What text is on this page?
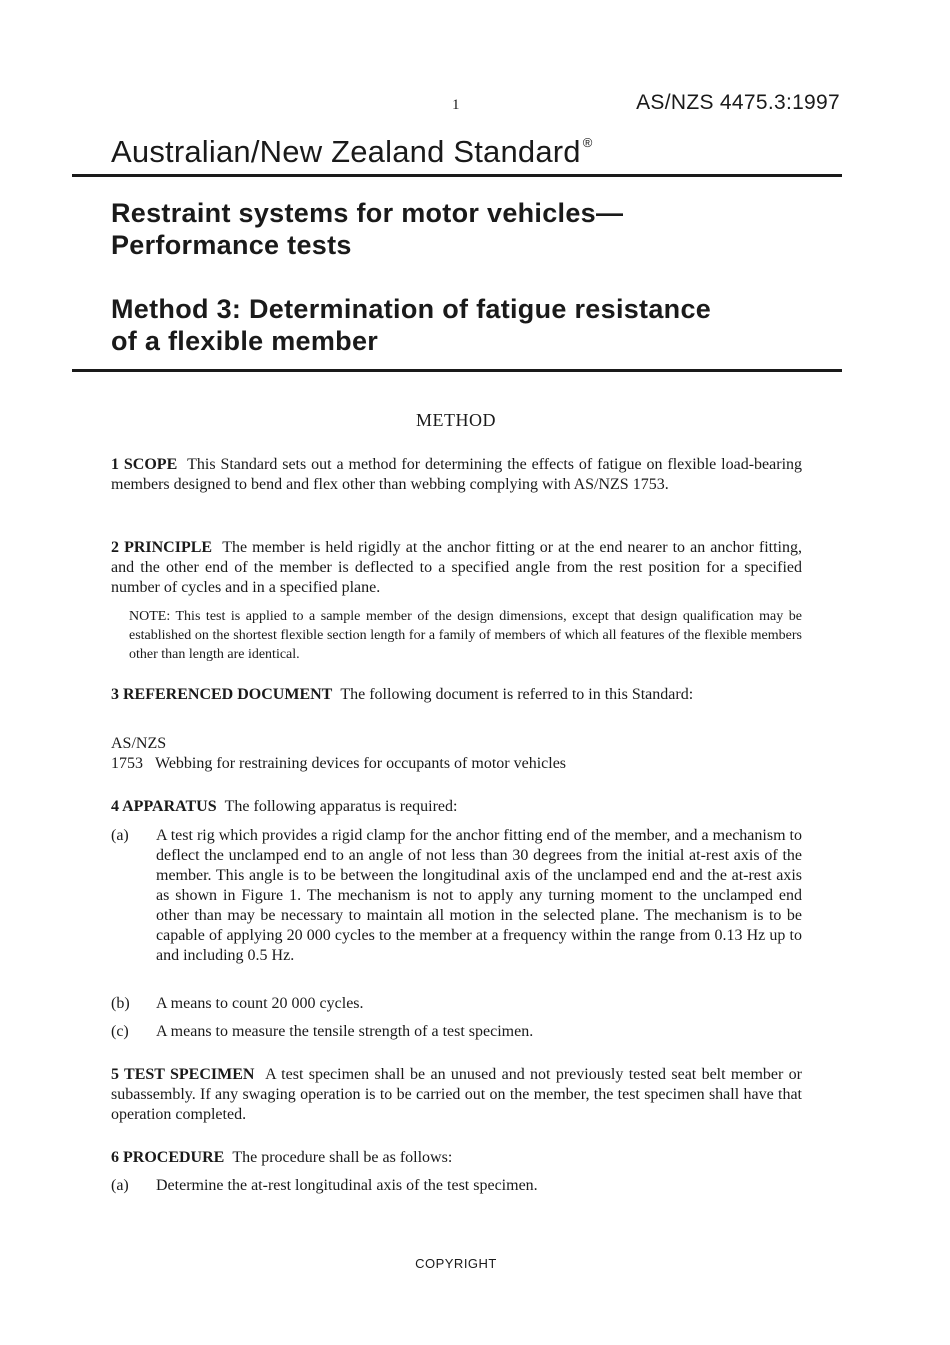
1	AS/NZS 4475.3:1997
Australian/New Zealand Standard ®
Restraint systems for motor vehicles—
Performance tests
Method 3: Determination of fatigue resistance
of a flexible member
METHOD

1 SCOPE This Standard sets out a method for determining the effects of fatigue on flexible load-bearing members designed to bend and flex other than webbing complying with AS/NZS 1753.

2 PRINCIPLE The member is held rigidly at the anchor fitting or at the end nearer to an anchor fitting, and the other end of the member is deflected to a specified angle from the rest position for a specified number of cycles and in a specified plane.

NOTE: This test is applied to a sample member of the design dimensions, except that design qualification may be established on the shortest flexible section length for a family of members of which all features of the flexible members other than length are identical.

3 REFERENCED DOCUMENT The following document is referred to in this Standard:

AS/NZS
1753 Webbing for restraining devices for occupants of motor vehicles

4 APPARATUS The following apparatus is required:

(a) A test rig which provides a rigid clamp for the anchor fitting end of the member, and a mechanism to deflect the unclamped end to an angle of not less than 30 degrees from the initial at-rest axis of the member. This angle is to be between the longitudinal axis of the unclamped end and the at-rest axis as shown in Figure 1. The mechanism is not to apply any turning moment to the unclamped end other than may be necessary to maintain all motion in the selected plane. The mechanism is to be capable of applying 20 000 cycles to the member at a frequency within the range from 0.13 Hz up to and including 0.5 Hz.
(b) A means to count 20 000 cycles.
(c) A means to measure the tensile strength of a test specimen.

5 TEST SPECIMEN A test specimen shall be an unused and not previously tested seat belt member or subassembly. If any swaging operation is to be carried out on the member, the test specimen shall have that operation completed.

6 PROCEDURE The procedure shall be as follows:

(a) Determine the at-rest longitudinal axis of the test specimen.
COPYRIGHT
